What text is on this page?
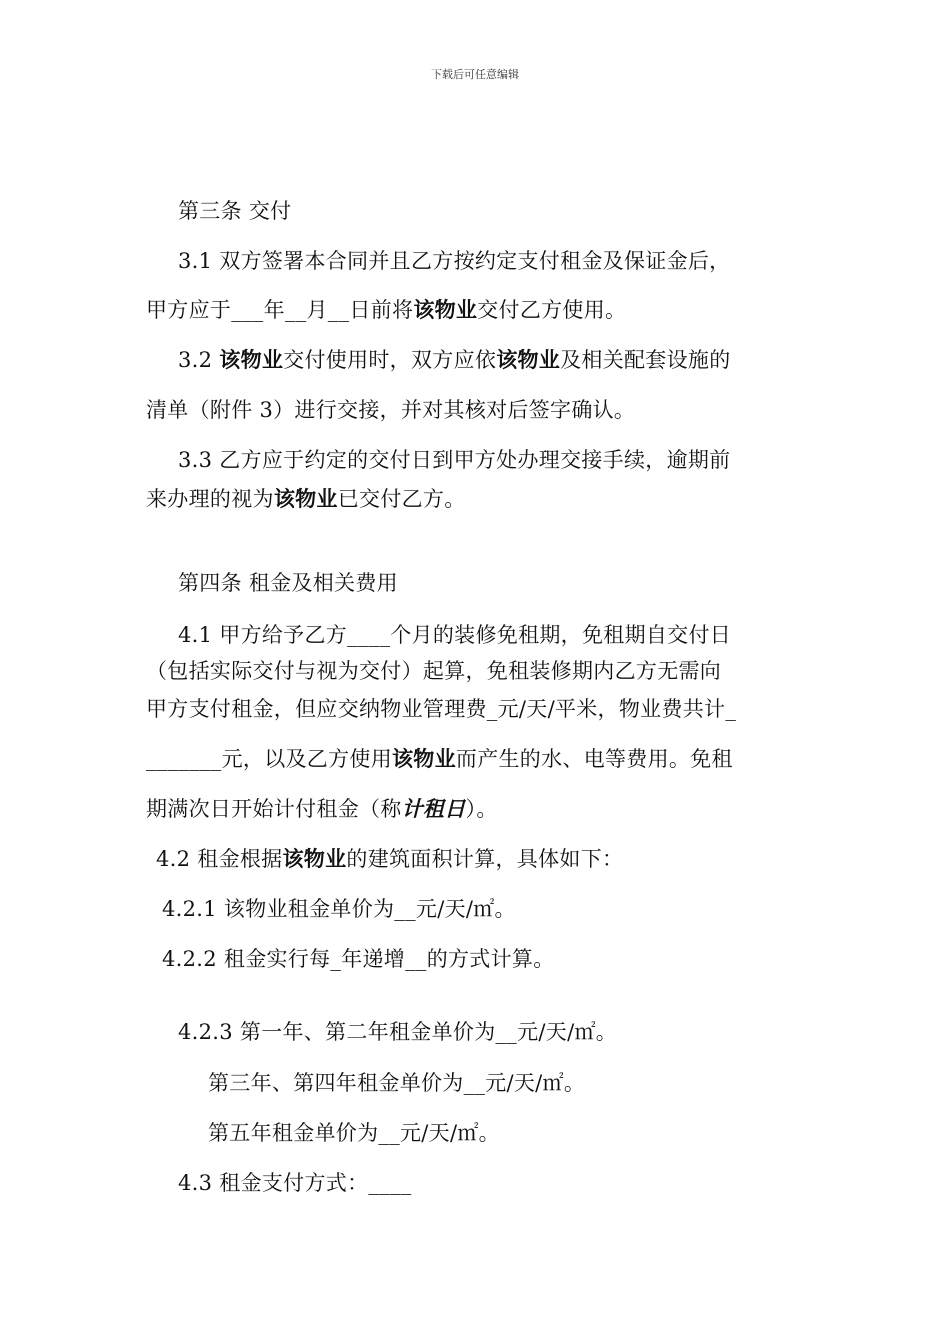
下载后可任意编辑
第三条 交付
3.1 双方签署本合同并且乙方按约定支付租金及保证金后，
甲方应于___年__月__日前将该物业交付乙方使用。
3.2 该物业交付使用时，双方应依该物业及相关配套设施的
清单（附件 3）进行交接，并对其核对后签字确认。
3.3 乙方应于约定的交付日到甲方处办理交接手续，逾期前
来办理的视为该物业已交付乙方。
第四条 租金及相关费用
4.1 甲方给予乙方____个月的装修免租期，免租期自交付日
（包括实际交付与视为交付）起算，免租装修期内乙方无需向
甲方支付租金，但应交纳物业管理费_元/天/平米，物业费共计_
_______元，以及乙方使用该物业而产生的水、电等费用。免租
期满次日开始计付租金（称计租日）。
4.2 租金根据该物业的建筑面积计算，具体如下：
4.2.1 该物业租金单价为__元/天/㎡。
4.2.2 租金实行每_年递增__的方式计算。
4.2.3 第一年、第二年租金单价为__元/天/㎡。
第三年、第四年租金单价为__元/天/㎡。
第五年租金单价为__元/天/㎡。
4.3 租金支付方式：____
